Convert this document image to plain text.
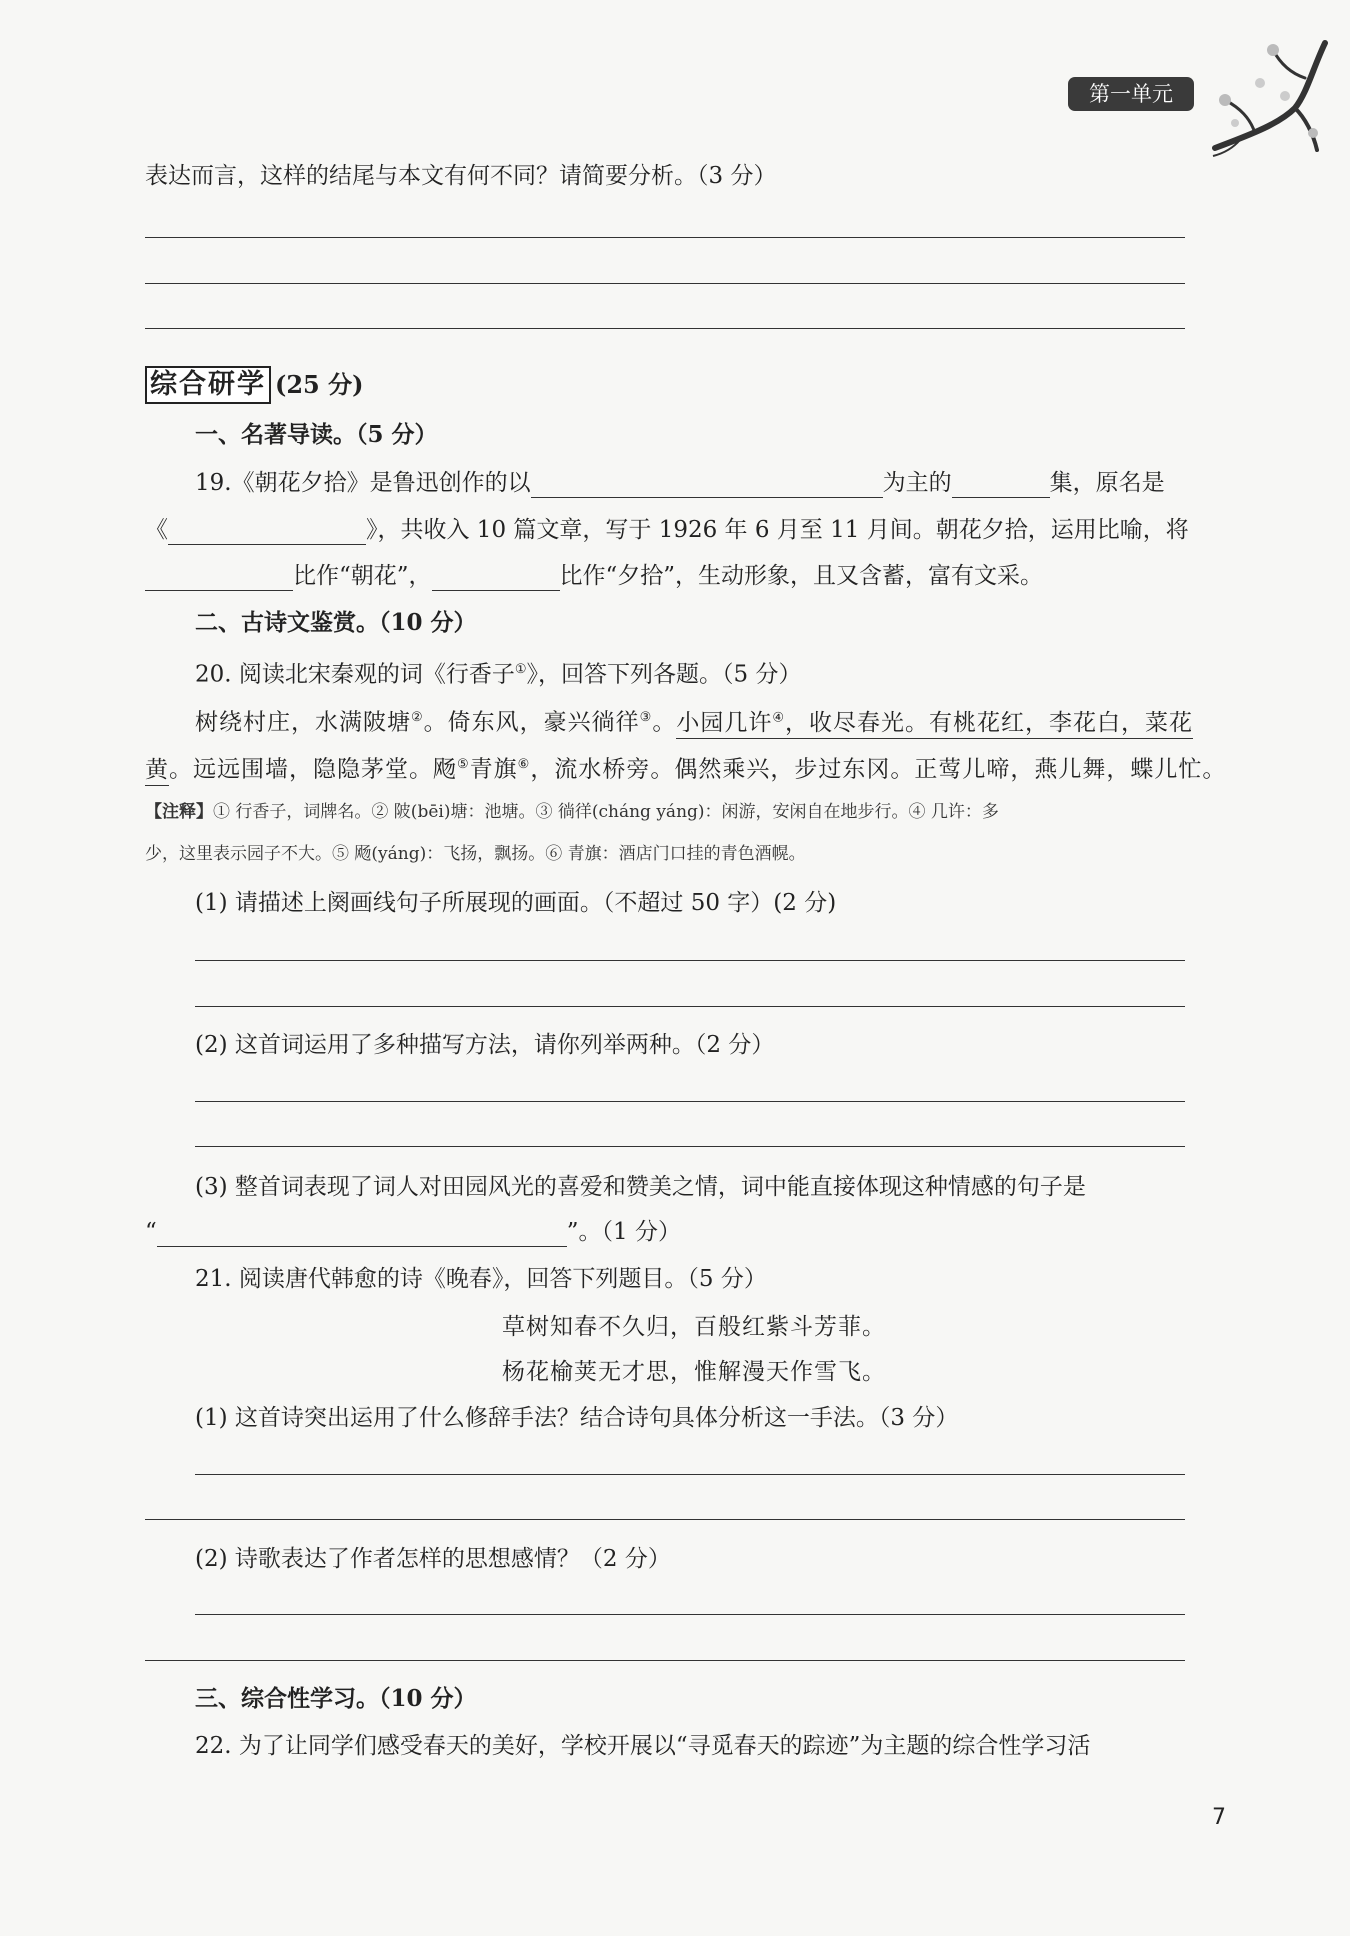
第一单元
表达而言，这样的结尾与本文有何不同？请简要分析。（3 分）
综合研学 (25 分)
一、名著导读。（5 分）
19.《朝花夕拾》是鲁迅创作的以	为主的	集，原名是
《	》，共收入 10 篇文章，写于 1926 年 6 月至 11 月间。朝花夕拾，运用比喻，将
比作“朝花”，	比作“夕拾”，生动形象，且又含蓄，富有文采。
二、古诗文鉴赏。（10 分）
20. 阅读北宋秦观的词《行香子①》，回答下列各题。（5 分）
树绕村庄，水满陂塘②。倚东风，豪兴徜徉③。小园几许④，收尽春光。有桃花红，李花白，菜花
黄。远远围墙，隐隐茅堂。飏⑤青旗⑥，流水桥旁。偶然乘兴，步过东冈。正莺儿啼，燕儿舞，蝶儿忙。
【注释】① 行香子，词牌名。② 陂(bēi)塘：池塘。③ 徜徉(cháng yáng)：闲游，安闲自在地步行。④ 几许：多
少，这里表示园子不大。⑤ 飏(yáng)：飞扬，飘扬。⑥ 青旗：酒店门口挂的青色酒幌。
(1) 请描述上阕画线句子所展现的画面。（不超过 50 字）(2 分)
(2) 这首词运用了多种描写方法，请你列举两种。（2 分）
(3) 整首词表现了词人对田园风光的喜爱和赞美之情，词中能直接体现这种情感的句子是
“	”。（1 分）
21. 阅读唐代韩愈的诗《晚春》，回答下列题目。（5 分）
草树知春不久归，百般红紫斗芳菲。
杨花榆荚无才思，惟解漫天作雪飞。
(1) 这首诗突出运用了什么修辞手法？结合诗句具体分析这一手法。（3 分）
(2) 诗歌表达了作者怎样的思想感情？（2 分）
三、综合性学习。（10 分）
22. 为了让同学们感受春天的美好，学校开展以“寻觅春天的踪迹”为主题的综合性学习活
7
